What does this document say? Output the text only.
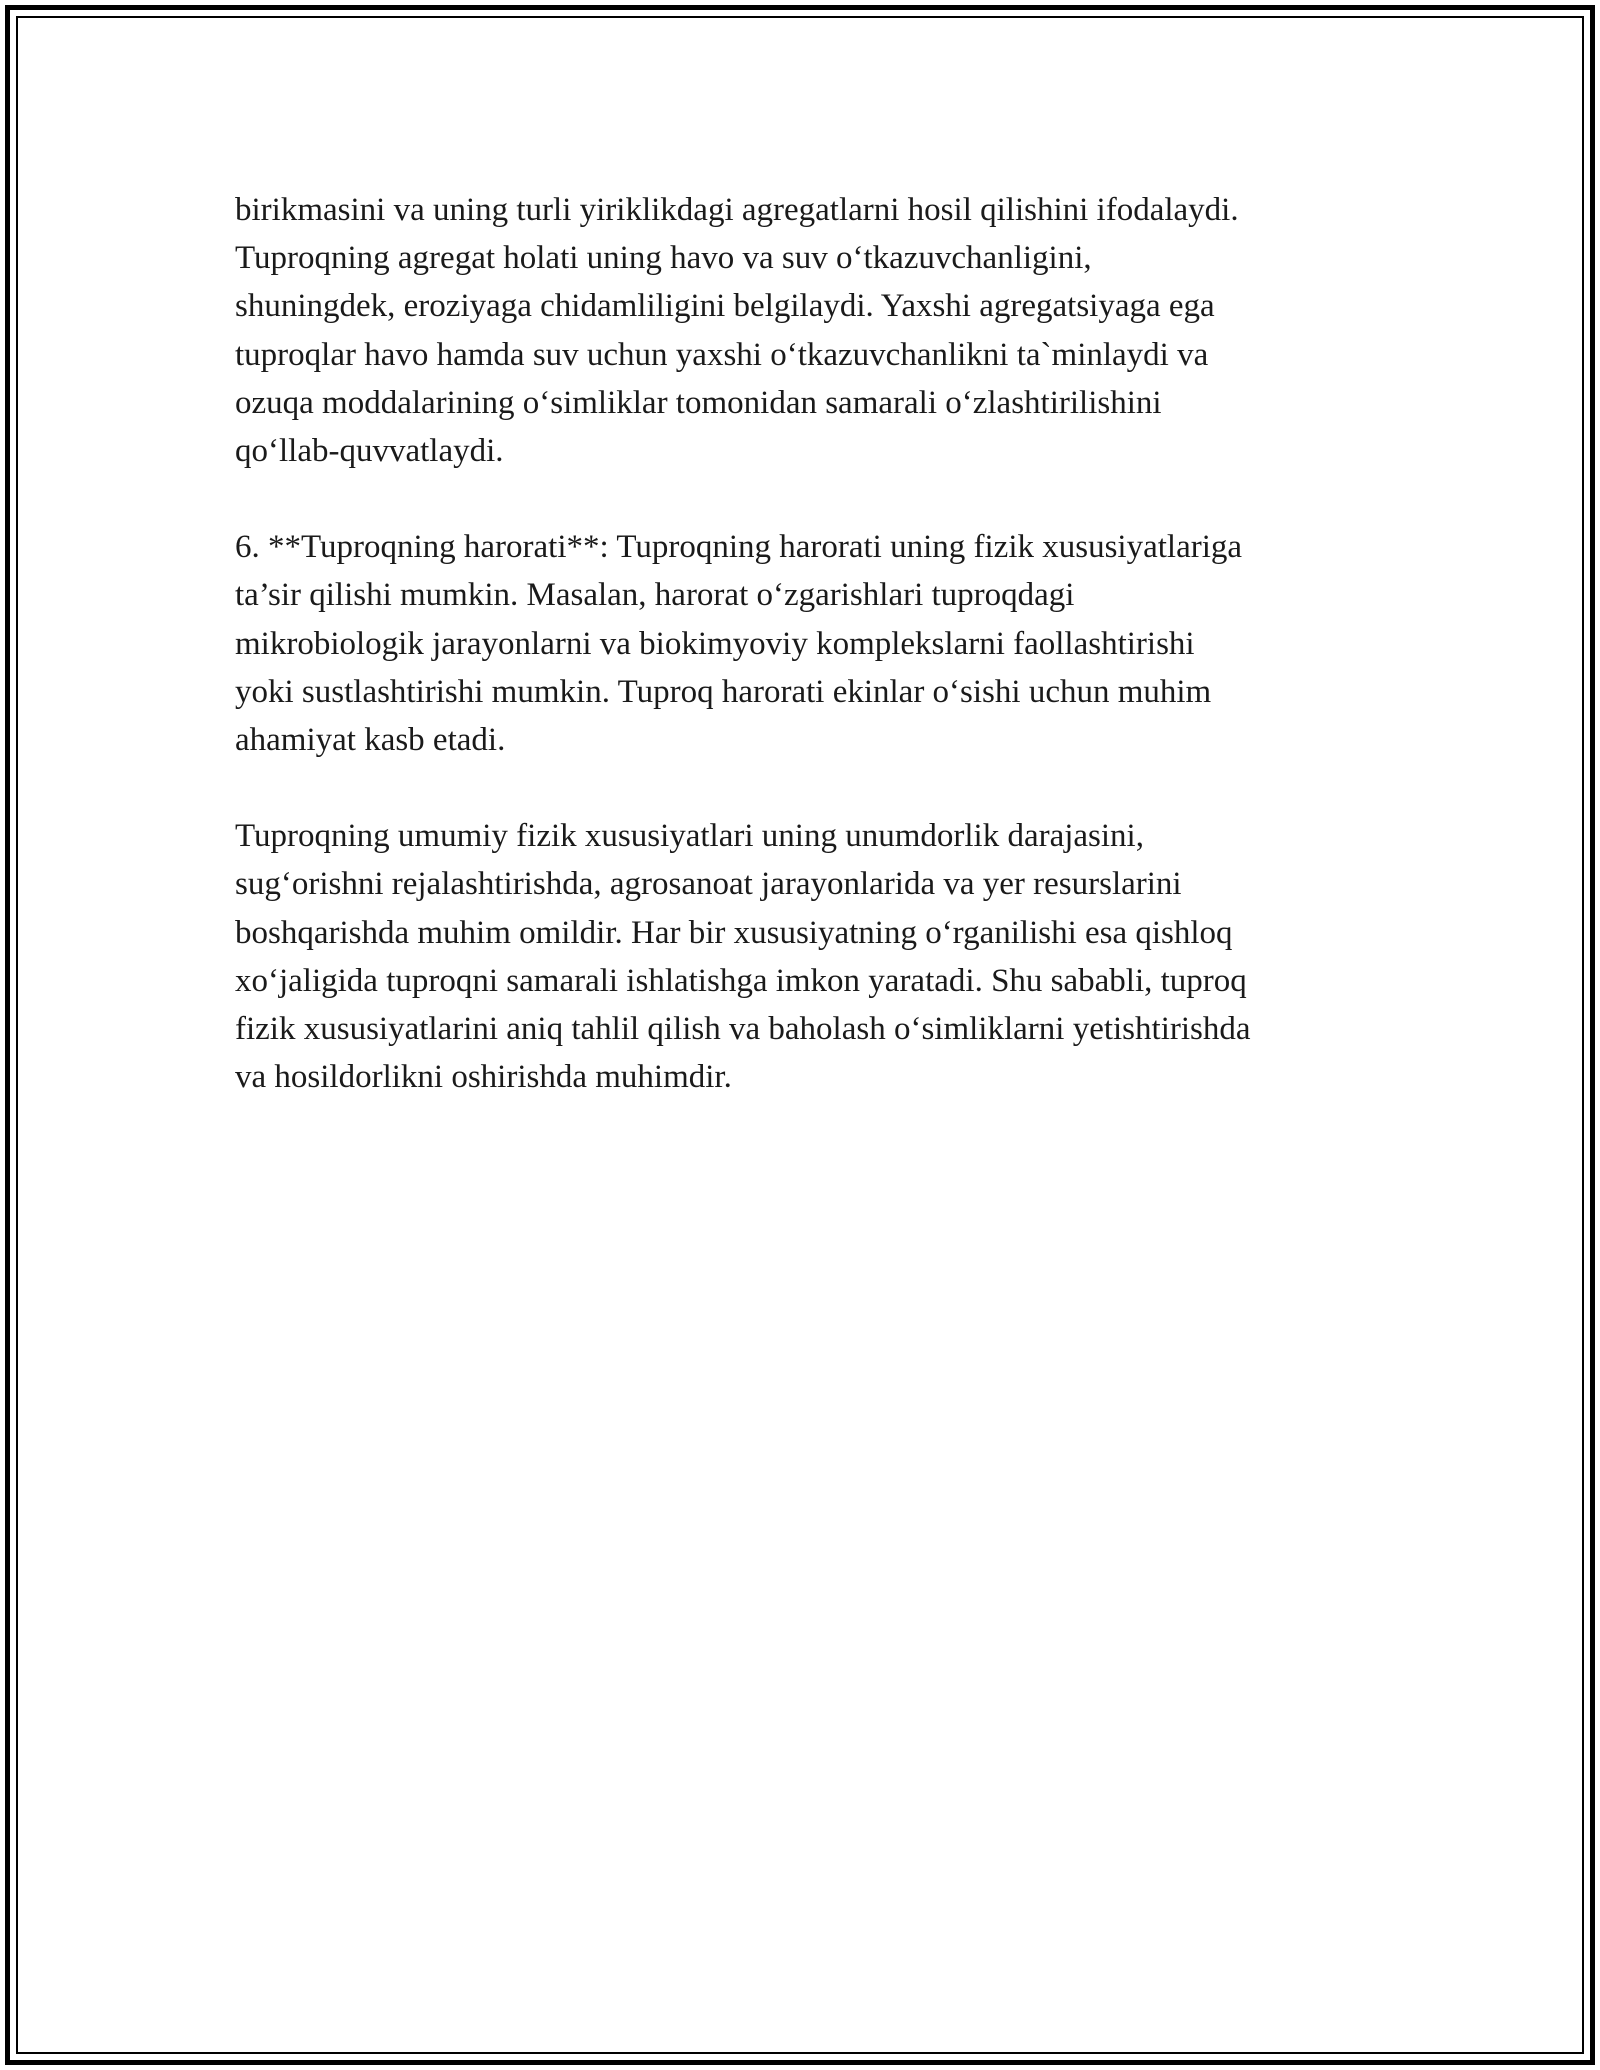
birikmasini va uning turli yiriklikdagi agregatlarni hosil qilishini ifodalaydi.
Tuproqning agregat holati uning havo va suv o‘tkazuvchanligini,
shuningdek, eroziyaga chidamliligini belgilaydi. Yaxshi agregatsiyaga ega
tuproqlar havo hamda suv uchun yaxshi o‘tkazuvchanlikni ta`minlaydi va
ozuqa moddalarining o‘simliklar tomonidan samarali o‘zlashtirilishini
qo‘llab-quvvatlaydi.

6. **Tuproqning harorati**: Tuproqning harorati uning fizik xususiyatlariga
ta’sir qilishi mumkin. Masalan, harorat o‘zgarishlari tuproqdagi
mikrobiologik jarayonlarni va biokimyoviy komplekslarni faollashtirishi
yoki sustlashtirishi mumkin. Tuproq harorati ekinlar o‘sishi uchun muhim
ahamiyat kasb etadi.

Tuproqning umumiy fizik xususiyatlari uning unumdorlik darajasini,
sug‘orishni rejalashtirishda, agrosanoat jarayonlarida va yer resurslarini
boshqarishda muhim omildir. Har bir xususiyatning o‘rganilishi esa qishloq
xo‘jaligida tuproqni samarali ishlatishga imkon yaratadi. Shu sababli, tuproq
fizik xususiyatlarini aniq tahlil qilish va baholash o‘simliklarni yetishtirishda
va hosildorlikni oshirishda muhimdir.
